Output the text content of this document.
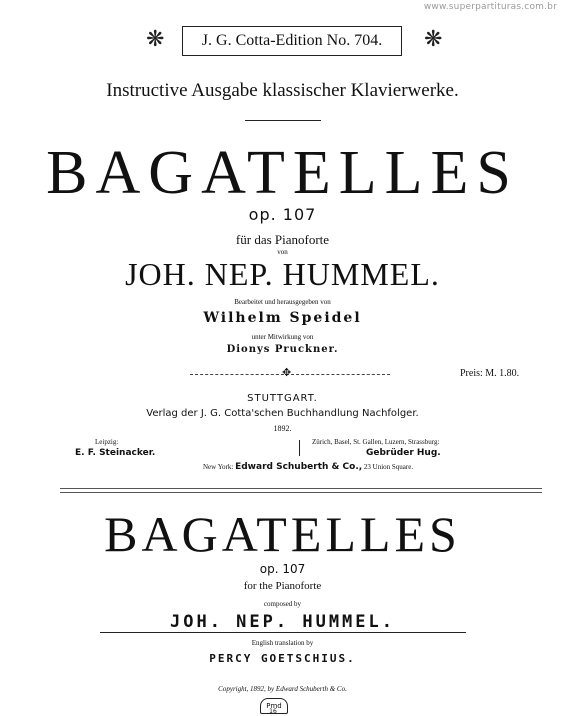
www.superpartituras.com.br
❋	J. G. Cotta-Edition No. 704.	❋
Instructive Ausgabe klassischer Klavierwerke.
BAGATELLES
op. 107
für das Pianoforte
von
JOH. NEP. HUMMEL.
Bearbeitet und herausgegeben von
Wilhelm Speidel
unter Mitwirkung von
Dionys Pruckner.
✥	Preis: M. 1.80.
STUTTGART.
Verlag der J. G. Cotta'schen Buchhandlung Nachfolger.
1892.
Leipzig:
E. F. Steinacker.
Zürich, Basel, St. Gallen, Luzern, Strassburg:
Gebrüder Hug.
New York: Edward Schuberth & Co., 23 Union Square.
BAGATELLES
op. 107
for the Pianoforte
composed by
JOH. NEP. HUMMEL.
English translation by
PERCY GOETSCHIUS.
Copyright, 1892, by Edward Schuberth & Co.
Pmd
16
